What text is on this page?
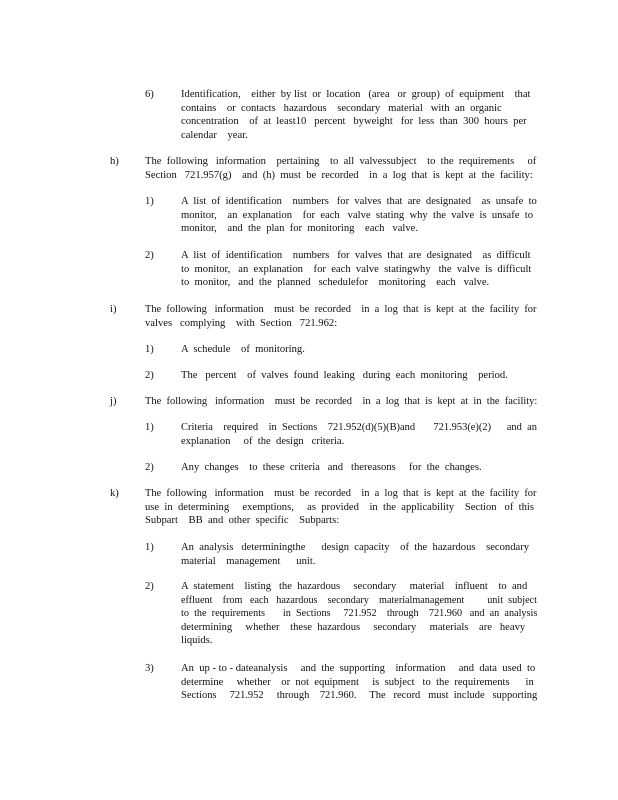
6)	Identification,    either  by list  or  location   (area   or  group)  of  equipment    that
contains    or  contacts   hazardous    secondary   material   with  an  organic
concentration    of  at  least10   percent   byweight   for  less  than  300  hours  per
calendar    year.
h) The  following   information    pertaining    to  all  valvessubject    to  the  requirements     of
Section   721.957(g)    and  (h)  must  be  recorded    in  a  log  that  is  kept  at  the  facility:
1)	A  list  of  identification    numbers   for  valves  that  are  designated    as  unsafe  to
monitor,    an  explanation    for  each   valve  stating  why  the  valve  is  unsafe  to
monitor,    and  the  plan  for  monitoring    each   valve.
2)	A  list  of  identification    numbers   for  valves  that  are  designated    as  difficult
to  monitor,   an  explanation    for  each  valve  statingwhy   the  valve  is  difficult
to  monitor,   and  the  planned   schedulefor    monitoring    each   valve.
i)	The  following   information    must  be  recorded    in  a  log  that  is  kept  at  the  facility  for
valves   complying    with  Section   721.962:
1)	A  schedule    of  monitoring.
2)	The   percent    of  valves  found  leaking   during  each  monitoring    period.
j)	The  following   information    must  be  recorded    in  a  log  that  is  kept  at  in  the  facility:
1)	Criteria    required    in  Sections    721.952(d)(5)(B)and       721.953(e)(2)      and  an
explanation     of  the  design   criteria.
2)	Any  changes    to  these  criteria   and   thereasons     for  the  changes.
k) The  following   information    must  be  recorded    in  a  log  that  is  kept  at  the  facility  for
use  in  determining     exemptions,     as  provided    in  the  applicability    Section   of  this
Subpart    BB  and  other  specific    Subparts:
1)	An  analysis   determiningthe      design  capacity    of  the  hazardous    secondary
material    management      unit.
2)	A  statement    listing   the  hazardous     secondary     material    influent    to  and
effluent    from   each   hazardous    secondary    materialmanagement         unit  subject
to  the  requirements       in  Sections     721.952    through    721.960   and  an  analysis
determining     whether    these  hazardous     secondary     materials    are   heavy
liquids.
3)	An  up - to - dateanalysis     and  the  supporting    information     and  data  used  to
determine     whether    or  not  equipment     is  subject   to  the  requirements      in
Sections     721.952     through    721.960.     The   record   must  include   supporting
